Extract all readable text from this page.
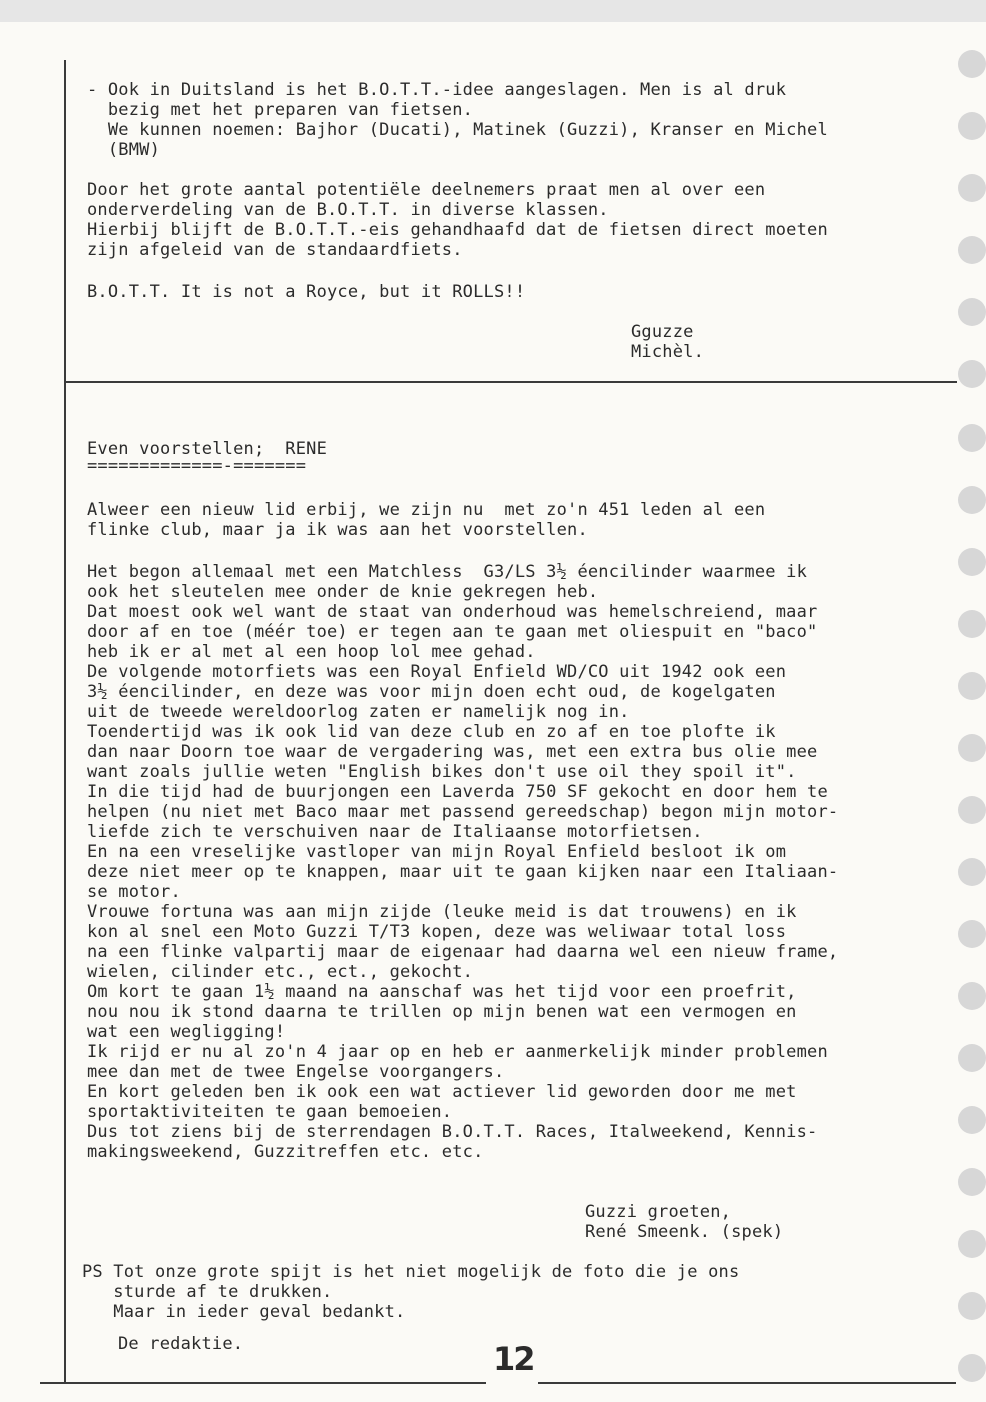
- Ook in Duitsland is het B.O.T.T.-idee aangeslagen. Men is al druk
bezig met het preparen van fietsen.
We kunnen noemen: Bajhor (Ducati), Matinek (Guzzi), Kranser en Michel
(BMW)
Door het grote aantal potentiële deelnemers praat men al over een
onderverdeling van de B.O.T.T. in diverse klassen.
Hierbij blijft de B.O.T.T.-eis gehandhaafd dat de fietsen direct moeten
zijn afgeleid van de standaardfiets.
B.O.T.T. It is not a Royce, but it ROLLS!!
Gguzze
Michèl.
Even voorstellen;  RENE
=============-=======
Alweer een nieuw lid erbij, we zijn nu  met zo'n 451 leden al een
flinke club, maar ja ik was aan het voorstellen.
Het begon allemaal met een Matchless  G3/LS 3½ éencilinder waarmee ik
ook het sleutelen mee onder de knie gekregen heb.
Dat moest ook wel want de staat van onderhoud was hemelschreiend, maar
door af en toe (méér toe) er tegen aan te gaan met oliespuit en "baco"
heb ik er al met al een hoop lol mee gehad.
De volgende motorfiets was een Royal Enfield WD/CO uit 1942 ook een
3½ éencilinder, en deze was voor mijn doen echt oud, de kogelgaten
uit de tweede wereldoorlog zaten er namelijk nog in.
Toendertijd was ik ook lid van deze club en zo af en toe plofte ik
dan naar Doorn toe waar de vergadering was, met een extra bus olie mee
want zoals jullie weten "English bikes don't use oil they spoil it".
In die tijd had de buurjongen een Laverda 750 SF gekocht en door hem te
helpen (nu niet met Baco maar met passend gereedschap) begon mijn motor-
liefde zich te verschuiven naar de Italiaanse motorfietsen.
En na een vreselijke vastloper van mijn Royal Enfield besloot ik om
deze niet meer op te knappen, maar uit te gaan kijken naar een Italiaan-
se motor.
Vrouwe fortuna was aan mijn zijde (leuke meid is dat trouwens) en ik
kon al snel een Moto Guzzi T/T3 kopen, deze was weliwaar total loss
na een flinke valpartij maar de eigenaar had daarna wel een nieuw frame,
wielen, cilinder etc., ect., gekocht.
Om kort te gaan 1½ maand na aanschaf was het tijd voor een proefrit,
nou nou ik stond daarna te trillen op mijn benen wat een vermogen en
wat een wegligging!
Ik rijd er nu al zo'n 4 jaar op en heb er aanmerkelijk minder problemen
mee dan met de twee Engelse voorgangers.
En kort geleden ben ik ook een wat actiever lid geworden door me met
sportaktiviteiten te gaan bemoeien.
Dus tot ziens bij de sterrendagen B.O.T.T. Races, Italweekend, Kennis-
makingsweekend, Guzzitreffen etc. etc.
Guzzi groeten,
René Smeenk. (spek)
PS Tot onze grote spijt is het niet mogelijk de foto die je ons
sturde af te drukken.
Maar in ieder geval bedankt.
De redaktie.	12
